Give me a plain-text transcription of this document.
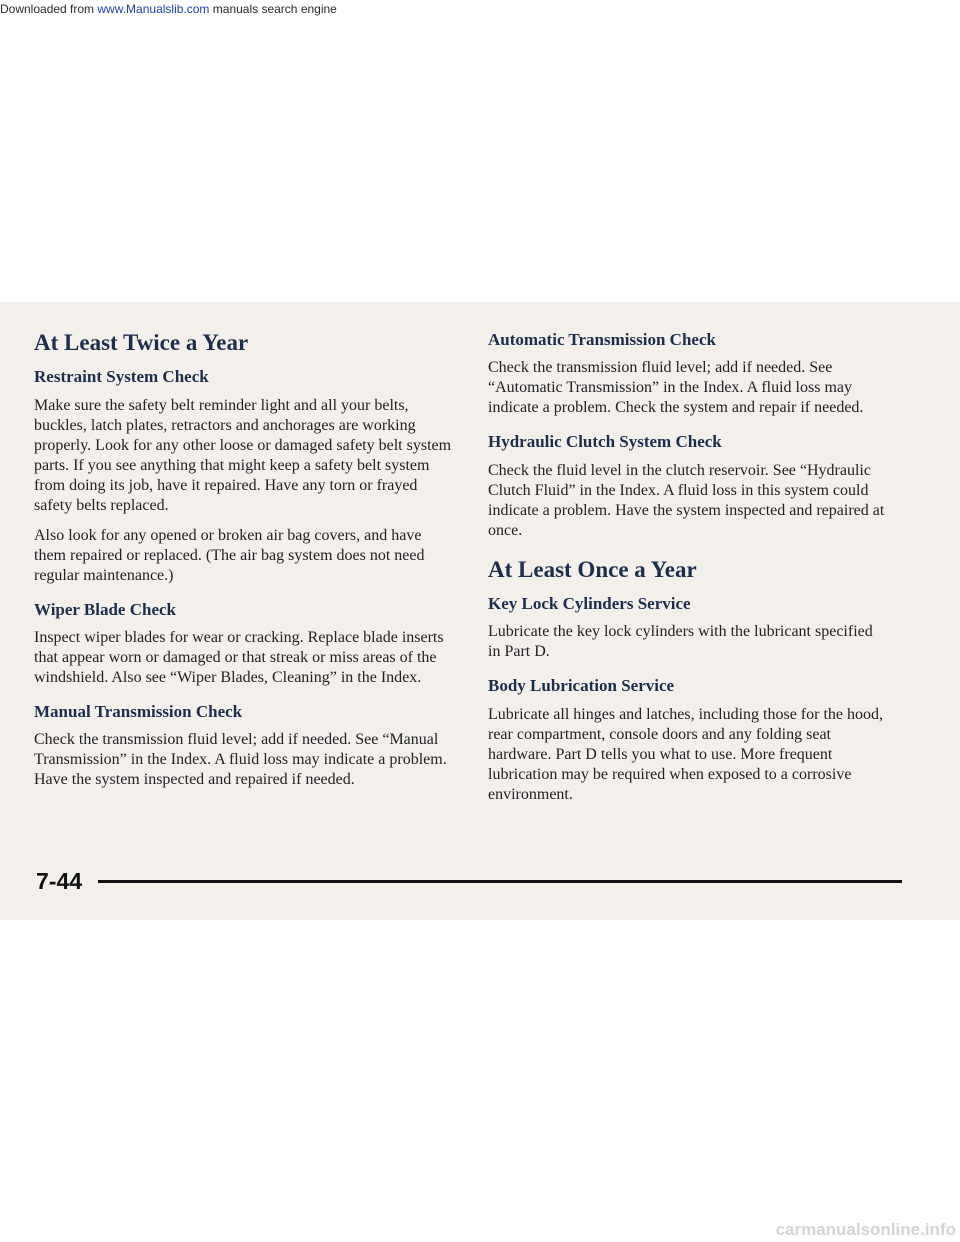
Downloaded from www.Manualslib.com manuals search engine
At Least Twice a Year
Restraint System Check

Make sure the safety belt reminder light and all your belts, buckles, latch plates, retractors and anchorages are working properly. Look for any other loose or damaged safety belt system parts. If you see anything that might keep a safety belt system from doing its job, have it repaired. Have any torn or frayed safety belts replaced.

Also look for any opened or broken air bag covers, and have them repaired or replaced. (The air bag system does not need regular maintenance.)

Wiper Blade Check

Inspect wiper blades for wear or cracking. Replace blade inserts that appear worn or damaged or that streak or miss areas of the windshield. Also see “Wiper Blades, Cleaning” in the Index.

Manual Transmission Check

Check the transmission fluid level; add if needed. See “Manual Transmission” in the Index. A fluid loss may indicate a problem. Have the system inspected and repaired if needed.

Automatic Transmission Check

Check the transmission fluid level; add if needed. See “Automatic Transmission” in the Index. A fluid loss may indicate a problem. Check the system and repair if needed.

Hydraulic Clutch System Check

Check the fluid level in the clutch reservoir. See “Hydraulic Clutch Fluid” in the Index. A fluid loss in this system could indicate a problem. Have the system inspected and repaired at once.

At Least Once a Year
Key Lock Cylinders Service

Lubricate the key lock cylinders with the lubricant specified in Part D.

Body Lubrication Service

Lubricate all hinges and latches, including those for the hood, rear compartment, console doors and any folding seat hardware. Part D tells you what to use. More frequent lubrication may be required when exposed to a corrosive environment.

7-44
carmanualsonline.info
